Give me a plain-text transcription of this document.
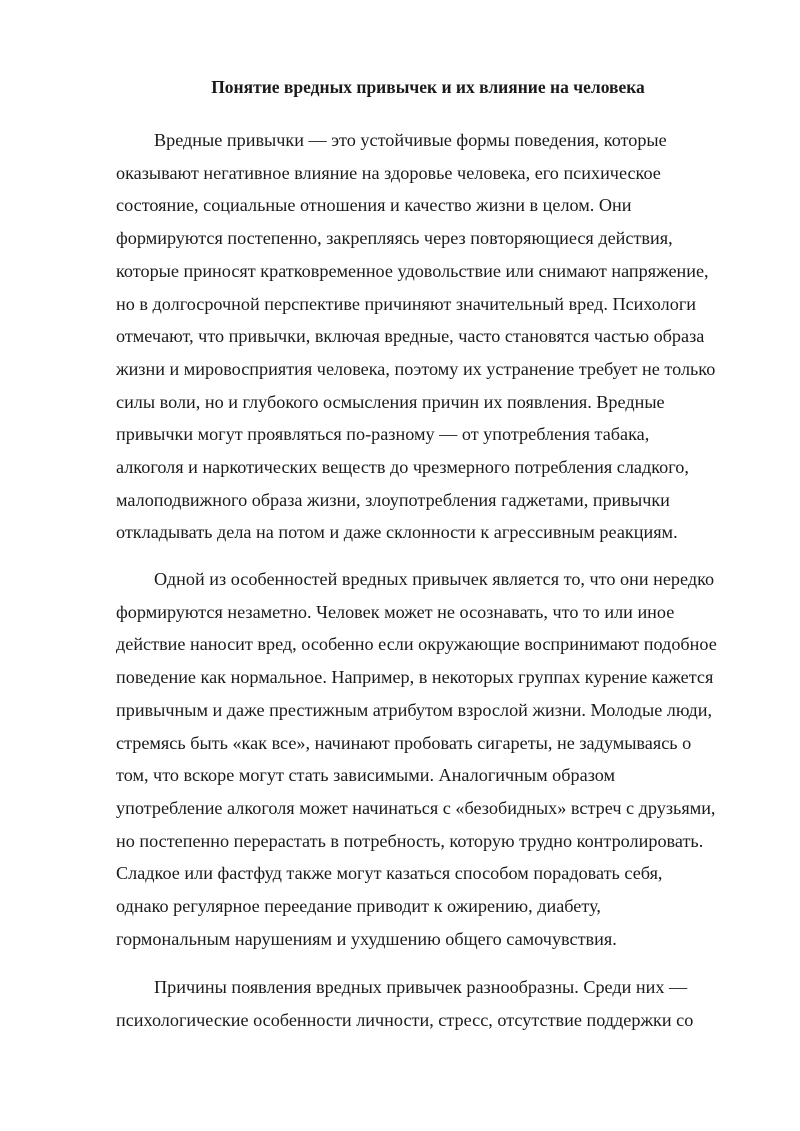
Понятие вредных привычек и их влияние на человека
Вредные привычки — это устойчивые формы поведения, которые
оказывают негативное влияние на здоровье человека, его психическое
состояние, социальные отношения и качество жизни в целом. Они
формируются постепенно, закрепляясь через повторяющиеся действия,
которые приносят кратковременное удовольствие или снимают напряжение,
но в долгосрочной перспективе причиняют значительный вред. Психологи
отмечают, что привычки, включая вредные, часто становятся частью образа
жизни и мировосприятия человека, поэтому их устранение требует не только
силы воли, но и глубокого осмысления причин их появления. Вредные
привычки могут проявляться по-разному — от употребления табака,
алкоголя и наркотических веществ до чрезмерного потребления сладкого,
малоподвижного образа жизни, злоупотребления гаджетами, привычки
откладывать дела на потом и даже склонности к агрессивным реакциям.
Одной из особенностей вредных привычек является то, что они нередко
формируются незаметно. Человек может не осознавать, что то или иное
действие наносит вред, особенно если окружающие воспринимают подобное
поведение как нормальное. Например, в некоторых группах курение кажется
привычным и даже престижным атрибутом взрослой жизни. Молодые люди,
стремясь быть «как все», начинают пробовать сигареты, не задумываясь о
том, что вскоре могут стать зависимыми. Аналогичным образом
употребление алкоголя может начинаться с «безобидных» встреч с друзьями,
но постепенно перерастать в потребность, которую трудно контролировать.
Сладкое или фастфуд также могут казаться способом порадовать себя,
однако регулярное переедание приводит к ожирению, диабету,
гормональным нарушениям и ухудшению общего самочувствия.
Причины появления вредных привычек разнообразны. Среди них —
психологические особенности личности, стресс, отсутствие поддержки со
